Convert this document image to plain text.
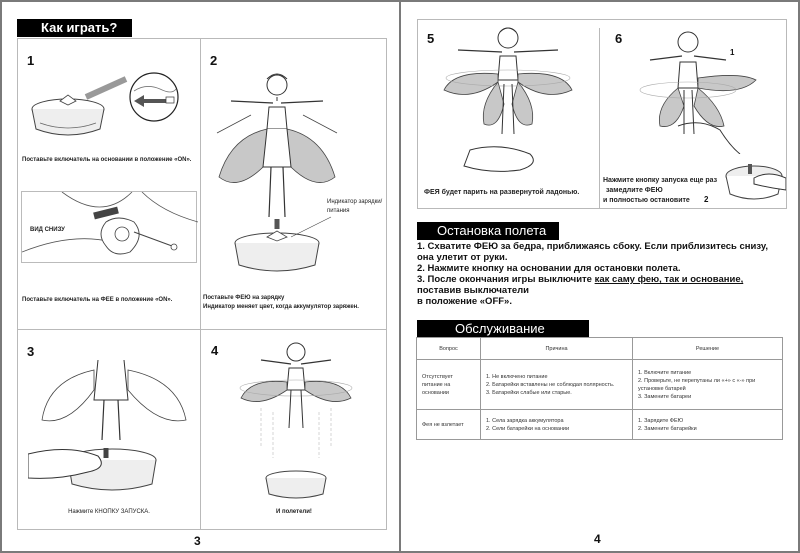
Как играть?
1
Поставьте включатель на основании в положение «ON».
ВИД СНИЗУ
Поставьте включатель на ФЕЕ в положение «ON».
2
Индикатор зарядки/ питания
Поставьте ФЕЮ на зарядку
Индикатор меняет цвет, когда аккумулятор заряжен.
3
Нажмите КНОПКУ ЗАПУСКА.
4
И полетели!
3
5
ФЕЯ будет парить на развернутой ладонью.
6
1
Нажмите кнопку запуска еще раз
замедлите ФЕЮ
и полностью остановите 2
Остановка полета
1. Схватите ФЕЮ за бедра, приближаясь сбоку. Если приблизитесь снизу, она улетит от руки.
2. Нажмите кнопку на основании для остановки полета.
3. После окончания игры выключите как саму фею, так и основание, поставив выключатели
в положение «OFF».
Обслуживание
Вопрос	Причина	Решение
Отсутствует питание на основании	
1. Не включено питание
2. Батарейки вставлены не соблюдая полярность.
3. Батарейки слабые или старые.

1. Включите питание
2. Проверьте, не перепутаны ли «+» с «-» при установке батарей
3. Замените батареи

Фея не взлетает	
1. Села зарядка аккумулятора
2. Сели батарейки на основании

1. Зарядите ФЕЮ
2. Замените батарейки
4
